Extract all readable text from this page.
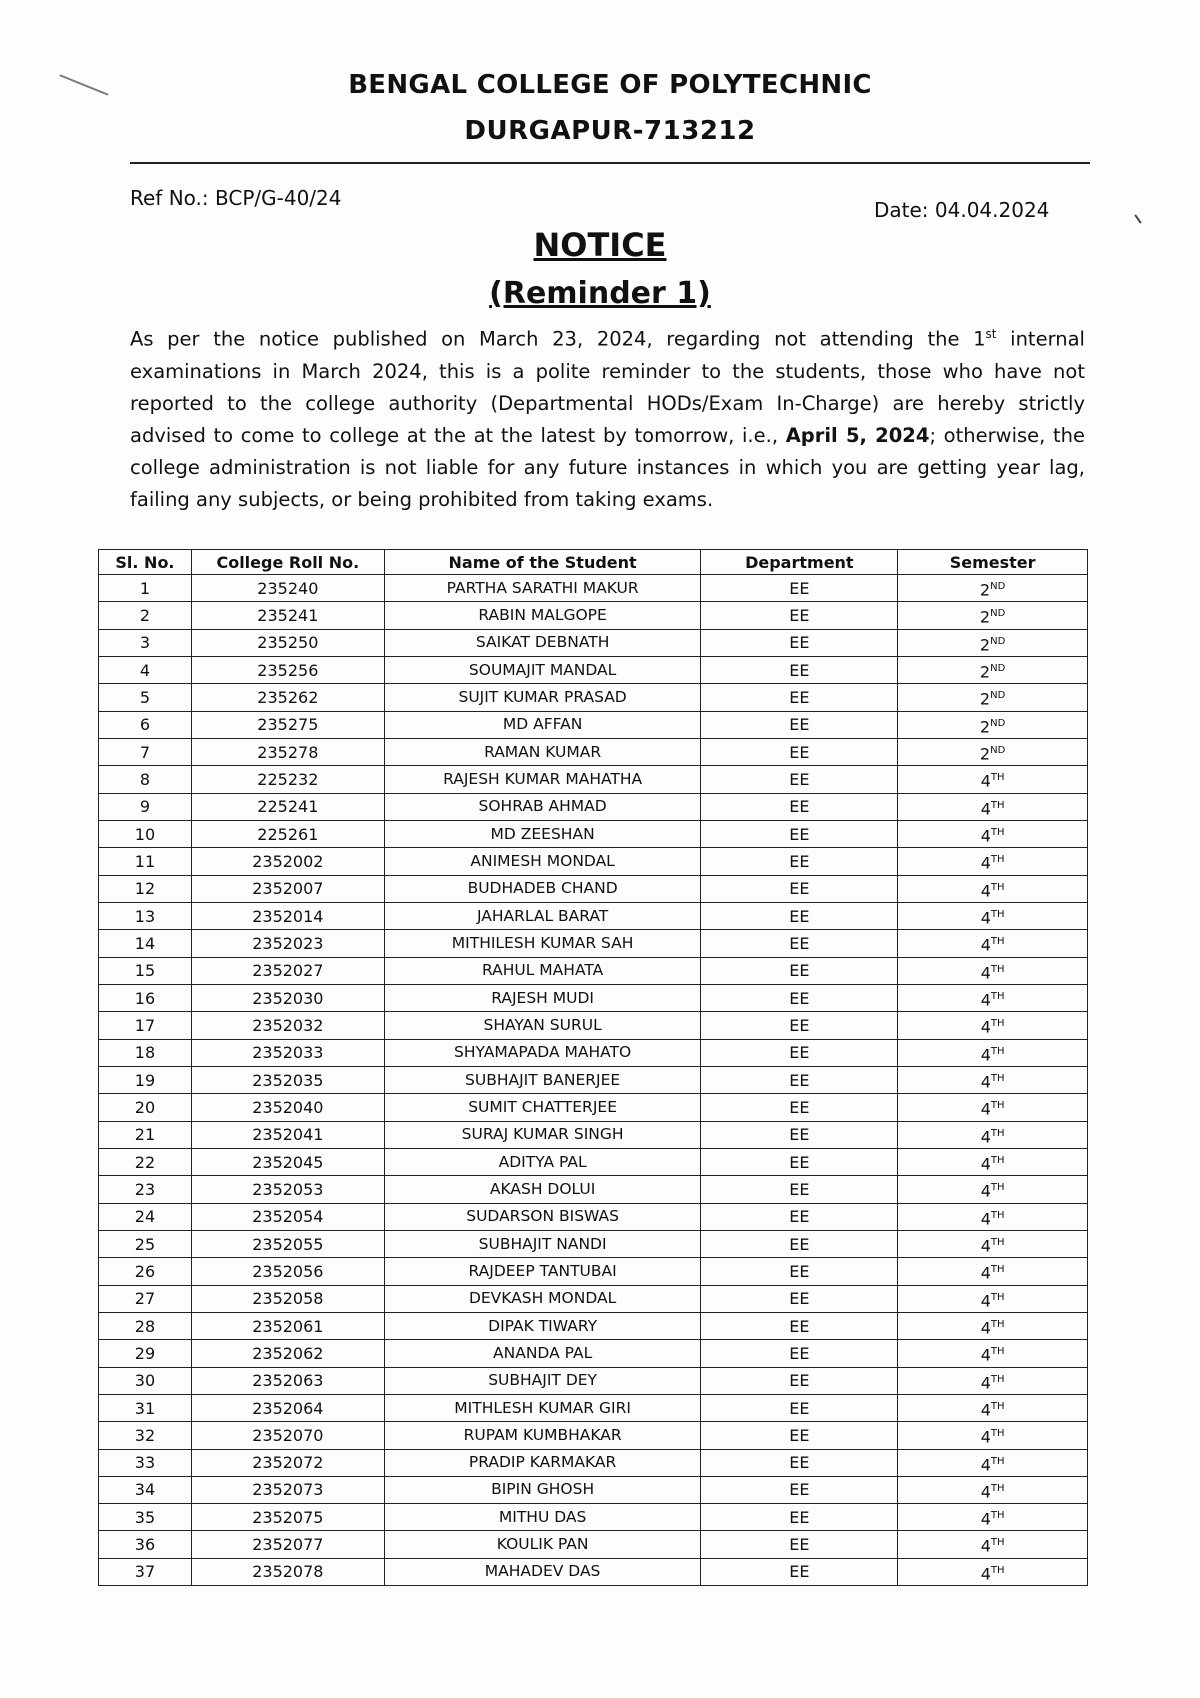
BENGAL COLLEGE OF POLYTECHNIC
DURGAPUR-713212
Ref No.: BCP/G-40/24	Date: 04.04.2024
NOTICE
(Reminder 1)
As per the notice published on March 23, 2024, regarding not attending the 1st internal examinations in March 2024, this is a polite reminder to the students, those who have not reported to the college authority (Departmental HODs/Exam In-Charge) are hereby strictly advised to come to college at the at the latest by tomorrow, i.e., April 5, 2024; otherwise, the college administration is not liable for any future instances in which you are getting year lag, failing any subjects, or being prohibited from taking exams.
Sl. No.	College Roll No.	Name of the Student	Department	Semester
1	235240	PARTHA SARATHI MAKUR	EE	2ND
2	235241	RABIN MALGOPE	EE	2ND
3	235250	SAIKAT DEBNATH	EE	2ND
4	235256	SOUMAJIT MANDAL	EE	2ND
5	235262	SUJIT KUMAR PRASAD	EE	2ND
6	235275	MD AFFAN	EE	2ND
7	235278	RAMAN KUMAR	EE	2ND
8	225232	RAJESH KUMAR MAHATHA	EE	4TH
9	225241	SOHRAB AHMAD	EE	4TH
10	225261	MD ZEESHAN	EE	4TH
11	2352002	ANIMESH MONDAL	EE	4TH
12	2352007	BUDHADEB CHAND	EE	4TH
13	2352014	JAHARLAL BARAT	EE	4TH
14	2352023	MITHILESH KUMAR SAH	EE	4TH
15	2352027	RAHUL MAHATA	EE	4TH
16	2352030	RAJESH MUDI	EE	4TH
17	2352032	SHAYAN SURUL	EE	4TH
18	2352033	SHYAMAPADA MAHATO	EE	4TH
19	2352035	SUBHAJIT BANERJEE	EE	4TH
20	2352040	SUMIT CHATTERJEE	EE	4TH
21	2352041	SURAJ KUMAR SINGH	EE	4TH
22	2352045	ADITYA PAL	EE	4TH
23	2352053	AKASH DOLUI	EE	4TH
24	2352054	SUDARSON BISWAS	EE	4TH
25	2352055	SUBHAJIT NANDI	EE	4TH
26	2352056	RAJDEEP TANTUBAI	EE	4TH
27	2352058	DEVKASH MONDAL	EE	4TH
28	2352061	DIPAK TIWARY	EE	4TH
29	2352062	ANANDA PAL	EE	4TH
30	2352063	SUBHAJIT DEY	EE	4TH
31	2352064	MITHLESH KUMAR GIRI	EE	4TH
32	2352070	RUPAM KUMBHAKAR	EE	4TH
33	2352072	PRADIP KARMAKAR	EE	4TH
34	2352073	BIPIN GHOSH	EE	4TH
35	2352075	MITHU DAS	EE	4TH
36	2352077	KOULIK PAN	EE	4TH
37	2352078	MAHADEV DAS	EE	4TH
